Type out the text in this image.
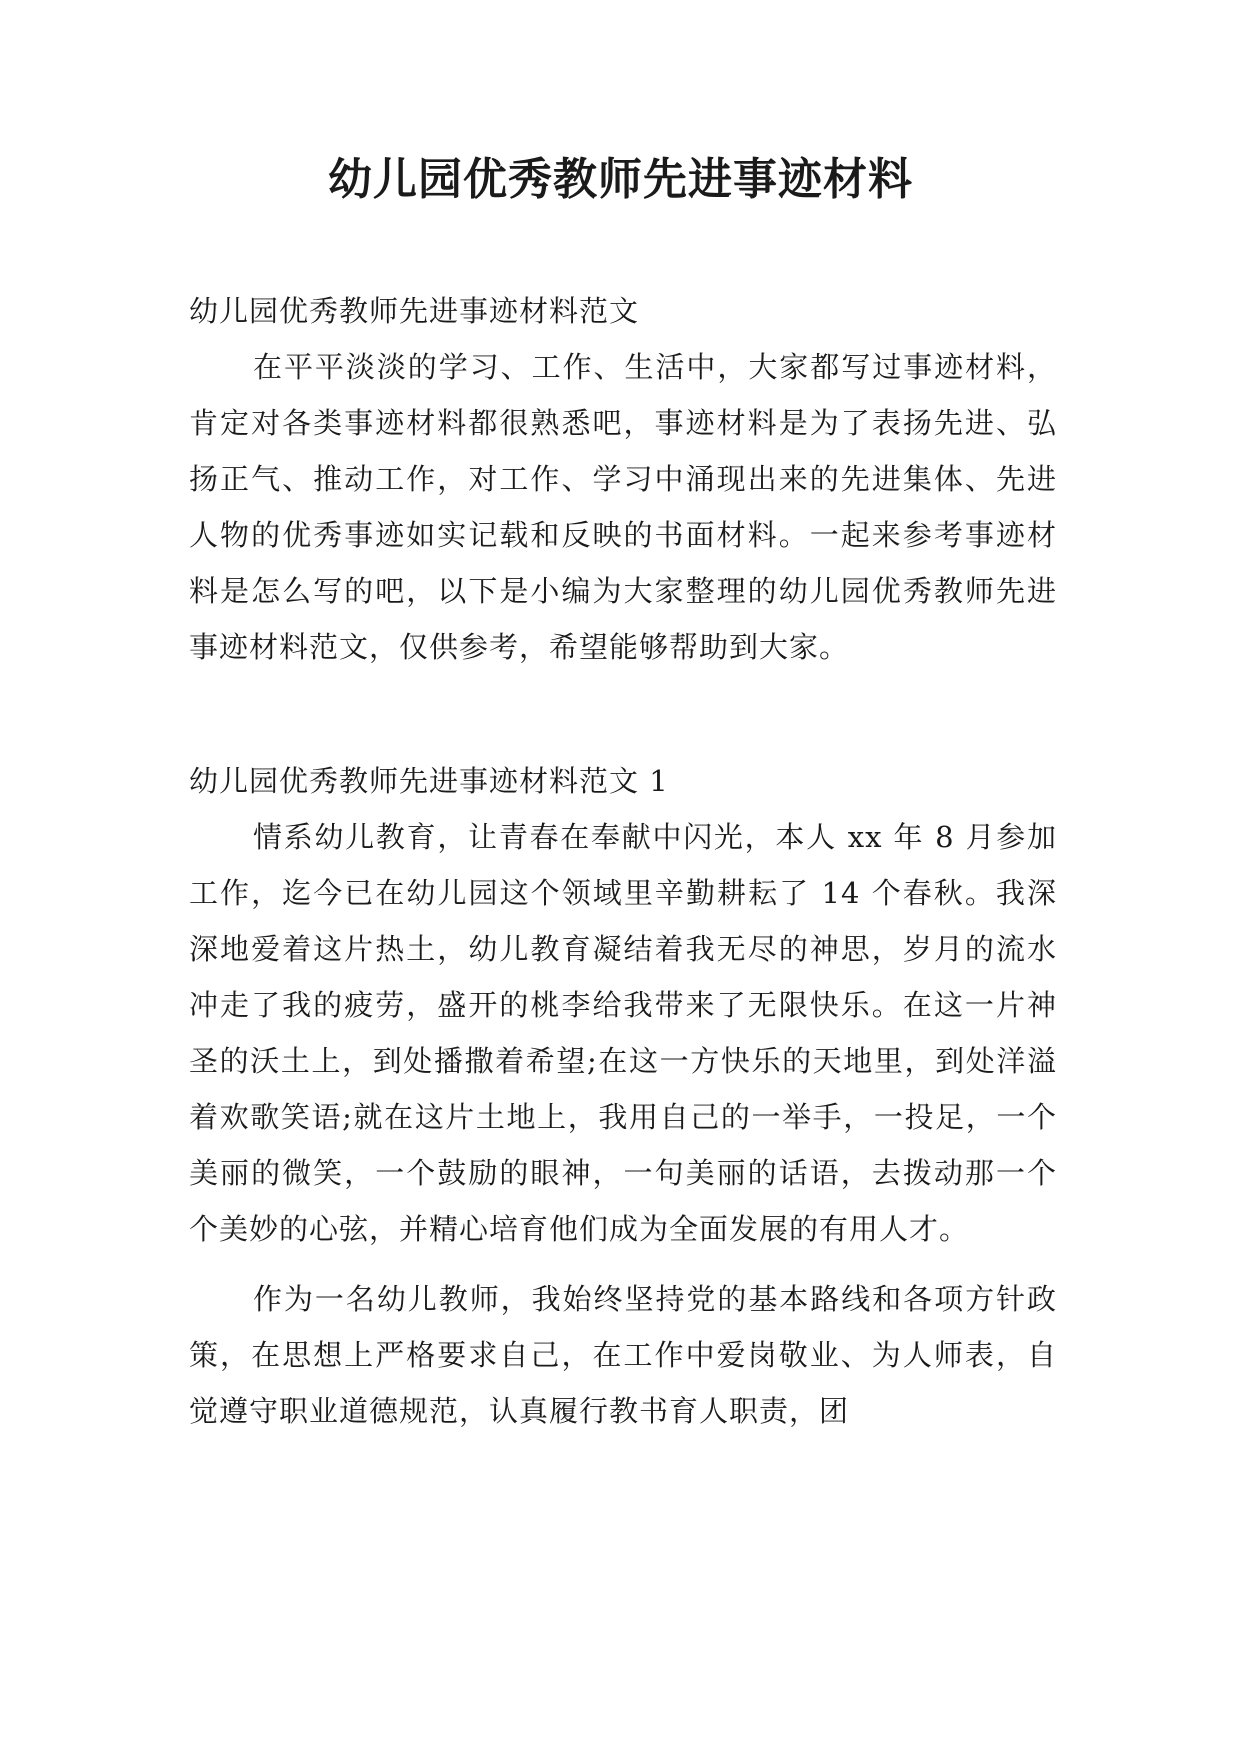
幼儿园优秀教师先进事迹材料

幼儿园优秀教师先进事迹材料范文

在平平淡淡的学习、工作、生活中，大家都写过事迹材料，肯定对各类事迹材料都很熟悉吧，事迹材料是为了表扬先进、弘扬正气、推动工作，对工作、学习中涌现出来的先进集体、先进人物的优秀事迹如实记载和反映的书面材料。一起来参考事迹材料是怎么写的吧，以下是小编为大家整理的幼儿园优秀教师先进事迹材料范文，仅供参考，希望能够帮助到大家。

幼儿园优秀教师先进事迹材料范文 1

情系幼儿教育，让青春在奉献中闪光，本人 xx 年 8 月参加工作，迄今已在幼儿园这个领域里辛勤耕耘了 14 个春秋。我深深地爱着这片热土，幼儿教育凝结着我无尽的神思，岁月的流水冲走了我的疲劳，盛开的桃李给我带来了无限快乐。在这一片神圣的沃土上，到处播撒着希望;在这一方快乐的天地里，到处洋溢着欢歌笑语;就在这片土地上，我用自己的一举手，一投足，一个美丽的微笑，一个鼓励的眼神，一句美丽的话语，去拨动那一个个美妙的心弦，并精心培育他们成为全面发展的有用人才。

作为一名幼儿教师，我始终坚持党的基本路线和各项方针政策，在思想上严格要求自己，在工作中爱岗敬业、为人师表，自觉遵守职业道德规范，认真履行教书育人职责，团
